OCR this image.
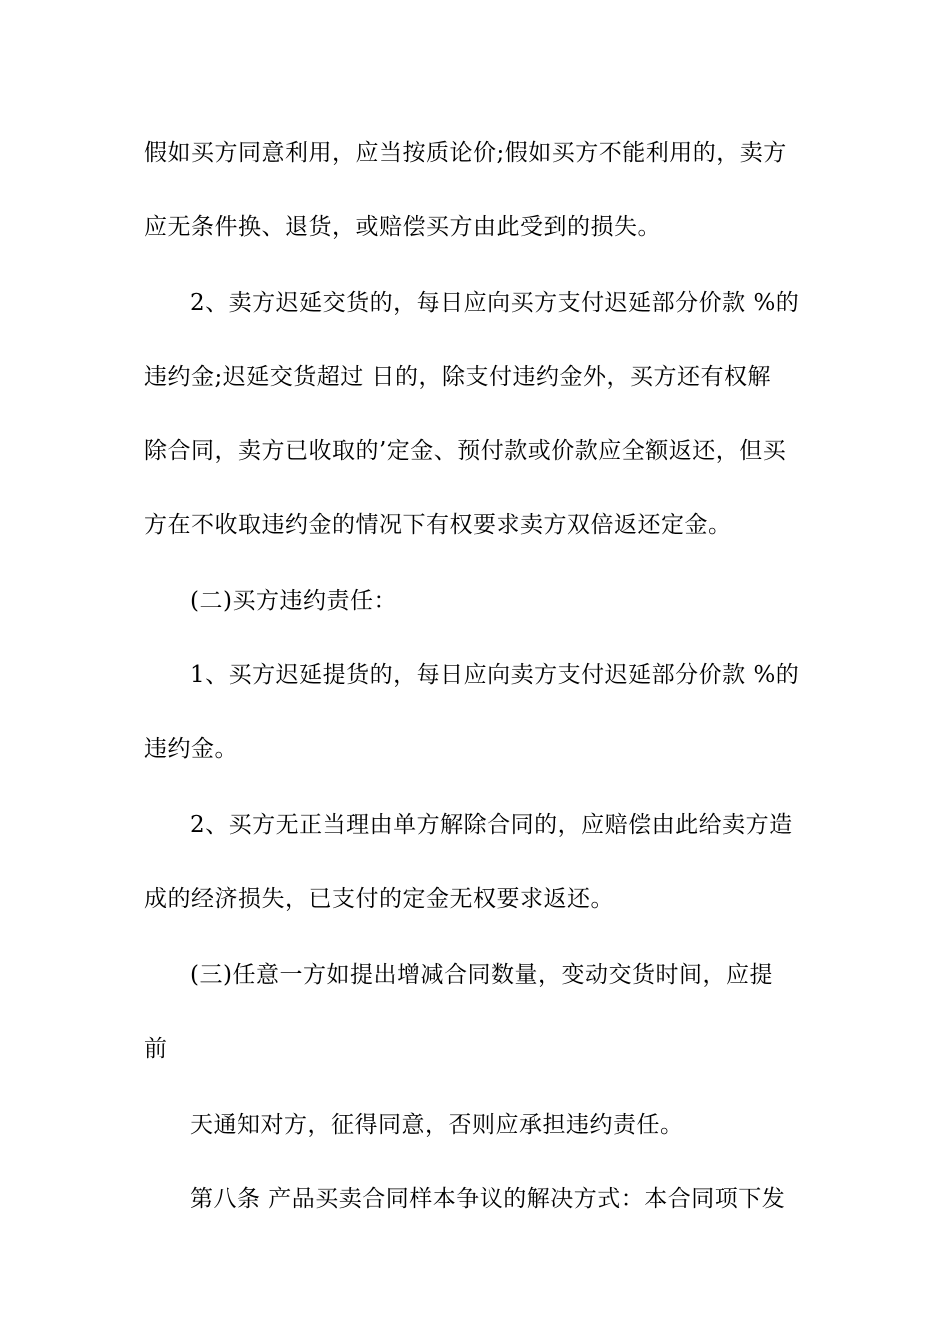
假如买方同意利用，应当按质论价;假如买方不能利用的，卖方
应无条件换、退货，或赔偿买方由此受到的损失。
2、卖方迟延交货的，每日应向买方支付迟延部分价款 %的
违约金;迟延交货超过 日的，除支付违约金外，买方还有权解
除合同，卖方已收取的’定金、预付款或价款应全额返还，但买
方在不收取违约金的情况下有权要求卖方双倍返还定金。
(二)买方违约责任：
1、买方迟延提货的，每日应向卖方支付迟延部分价款 %的
违约金。
2、买方无正当理由单方解除合同的，应赔偿由此给卖方造
成的经济损失，已支付的定金无权要求返还。
(三)任意一方如提出增减合同数量，变动交货时间，应提
前
天通知对方，征得同意，否则应承担违约责任。
第八条 产品买卖合同样本争议的解决方式：本合同项下发
